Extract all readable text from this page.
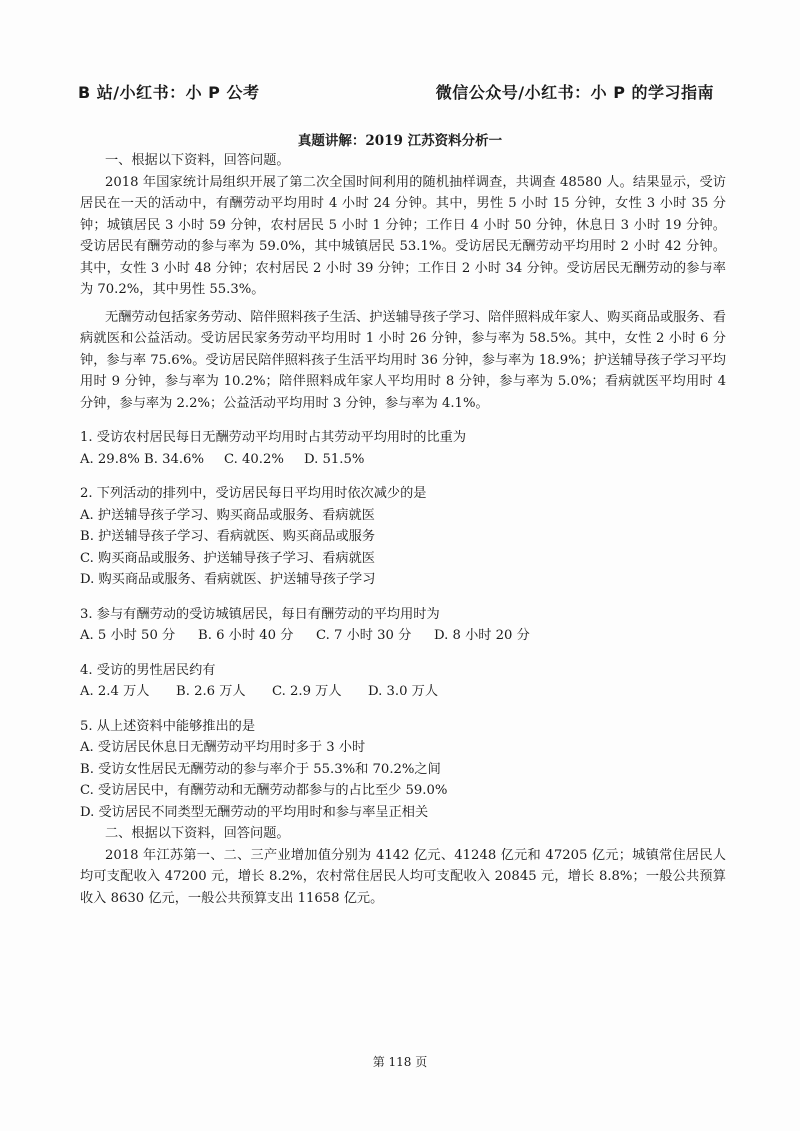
B 站/小红书：小 P 公考	微信公众号/小红书：小 P 的学习指南
真题讲解：2019 江苏资料分析一

一、根据以下资料，回答问题。

2018 年国家统计局组织开展了第二次全国时间利用的随机抽样调查，共调查 48580 人。结果显示，受访居民在一天的活动中，有酬劳动平均用时 4 小时 24 分钟。其中，男性 5 小时 15 分钟，女性 3 小时 35 分钟；城镇居民 3 小时 59 分钟，农村居民 5 小时 1 分钟；工作日 4 小时 50 分钟，休息日 3 小时 19 分钟。受访居民有酬劳动的参与率为 59.0%，其中城镇居民 53.1%。受访居民无酬劳动平均用时 2 小时 42 分钟。其中，女性 3 小时 48 分钟；农村居民 2 小时 39 分钟；工作日 2 小时 34 分钟。受访居民无酬劳动的参与率为 70.2%，其中男性 55.3%。

无酬劳动包括家务劳动、陪伴照料孩子生活、护送辅导孩子学习、陪伴照料成年家人、购买商品或服务、看病就医和公益活动。受访居民家务劳动平均用时 1 小时 26 分钟，参与率为 58.5%。其中，女性 2 小时 6 分钟，参与率 75.6%。受访居民陪伴照料孩子生活平均用时 36 分钟，参与率为 18.9%；护送辅导孩子学习平均用时 9 分钟，参与率为 10.2%；陪伴照料成年家人平均用时 8 分钟，参与率为 5.0%；看病就医平均用时 4 分钟，参与率为 2.2%；公益活动平均用时 3 分钟，参与率为 4.1%。

1. 受访农村居民每日无酬劳动平均用时占其劳动平均用时的比重为

A. 29.8% B. 34.6%	C. 40.2%	D. 51.5%

2. 下列活动的排列中，受访居民每日平均用时依次减少的是

A. 护送辅导孩子学习、购买商品或服务、看病就医

B. 护送辅导孩子学习、看病就医、购买商品或服务

C. 购买商品或服务、护送辅导孩子学习、看病就医

D. 购买商品或服务、看病就医、护送辅导孩子学习

3. 参与有酬劳动的受访城镇居民，每日有酬劳动的平均用时为

A. 5 小时 50 分	B. 6 小时 40 分	C. 7 小时 30 分	D. 8 小时 20 分

4. 受访的男性居民约有

A. 2.4 万人	B. 2.6 万人	C. 2.9 万人	D. 3.0 万人

5. 从上述资料中能够推出的是

A. 受访居民休息日无酬劳动平均用时多于 3 小时

B. 受访女性居民无酬劳动的参与率介于 55.3%和 70.2%之间

C. 受访居民中，有酬劳动和无酬劳动都参与的占比至少 59.0%

D. 受访居民不同类型无酬劳动的平均用时和参与率呈正相关

二、根据以下资料，回答问题。

2018 年江苏第一、二、三产业增加值分别为 4142 亿元、41248 亿元和 47205 亿元；城镇常住居民人均可支配收入 47200 元，增长 8.2%，农村常住居民人均可支配收入 20845 元，增长 8.8%；一般公共预算收入 8630 亿元，一般公共预算支出 11658 亿元。

第 118 页
